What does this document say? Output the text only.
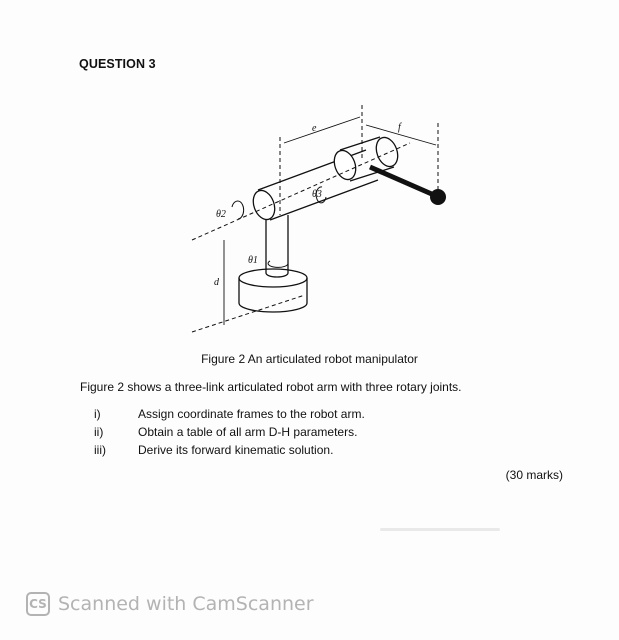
QUESTION 3
e	f
d
θ2
θ1
θ3
Figure 2 An articulated robot manipulator
Figure 2 shows a three-link articulated robot arm with three rotary joints.
i)	Assign coordinate frames to the robot arm.
ii)	Obtain a table of all arm D-H parameters.
iii)	Derive its forward kinematic solution.
(30 marks)
CS Scanned with CamScanner
